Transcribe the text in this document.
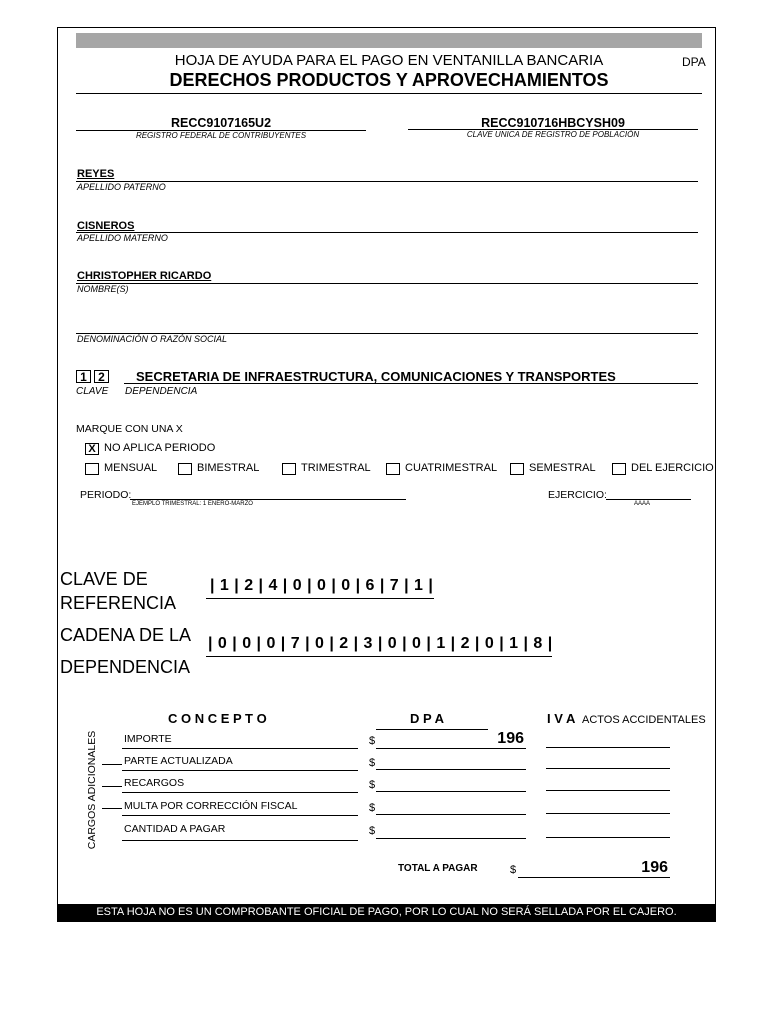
HOJA DE AYUDA PARA EL PAGO EN VENTANILLA BANCARIA	DPA
DERECHOS PRODUCTOS Y APROVECHAMIENTOS
RECC9107165U2
REGISTRO FEDERAL DE CONTRIBUYENTES
RECC910716HBCYSH09
CLAVE UNICA DE REGISTRO DE POBLACIÓN
REYES
APELLIDO PATERNO
CISNEROS
APELLIDO MATERNO
CHRISTOPHER RICARDO
NOMBRE(S)
DENOMINACIÓN O RAZÓN SOCIAL
1 2	SECRETARIA DE INFRAESTRUCTURA, COMUNICACIONES Y TRANSPORTES
CLAVE DEPENDENCIA
MARQUE CON UNA X
X NO APLICA PERIODO
MENSUAL	BIMESTRAL	TRIMESTRAL	CUATRIMESTRAL	SEMESTRAL	DEL EJERCICIO
PERIODO:
EJEMPLO TRIMESTRAL: 1 ENERO-MARZO
EJERCICIO:
AAAA
CLAVE DE
REFERENCIA
| 1 | 2 | 4 | 0 | 0 | 0 | 6 | 7 | 1 |
CADENA DE LA
DEPENDENCIA
| 0 | 0 | 0 | 7 | 0 | 2 | 3 | 0 | 0 | 1 | 2 | 0 | 1 | 8 |
C O N C E P T O	D P A	I V A ACTOS ACCIDENTALES
CARGOS ADICIONALES IMPORTE	$	196
PARTE ACTUALIZADA	$
RECARGOS	$
MULTA POR CORRECCIÓN FISCAL	$
CANTIDAD A PAGAR	$
TOTAL A PAGAR	$	196
ESTA HOJA NO ES UN COMPROBANTE OFICIAL DE PAGO, POR LO CUAL NO SERÁ SELLADA POR EL CAJERO.
